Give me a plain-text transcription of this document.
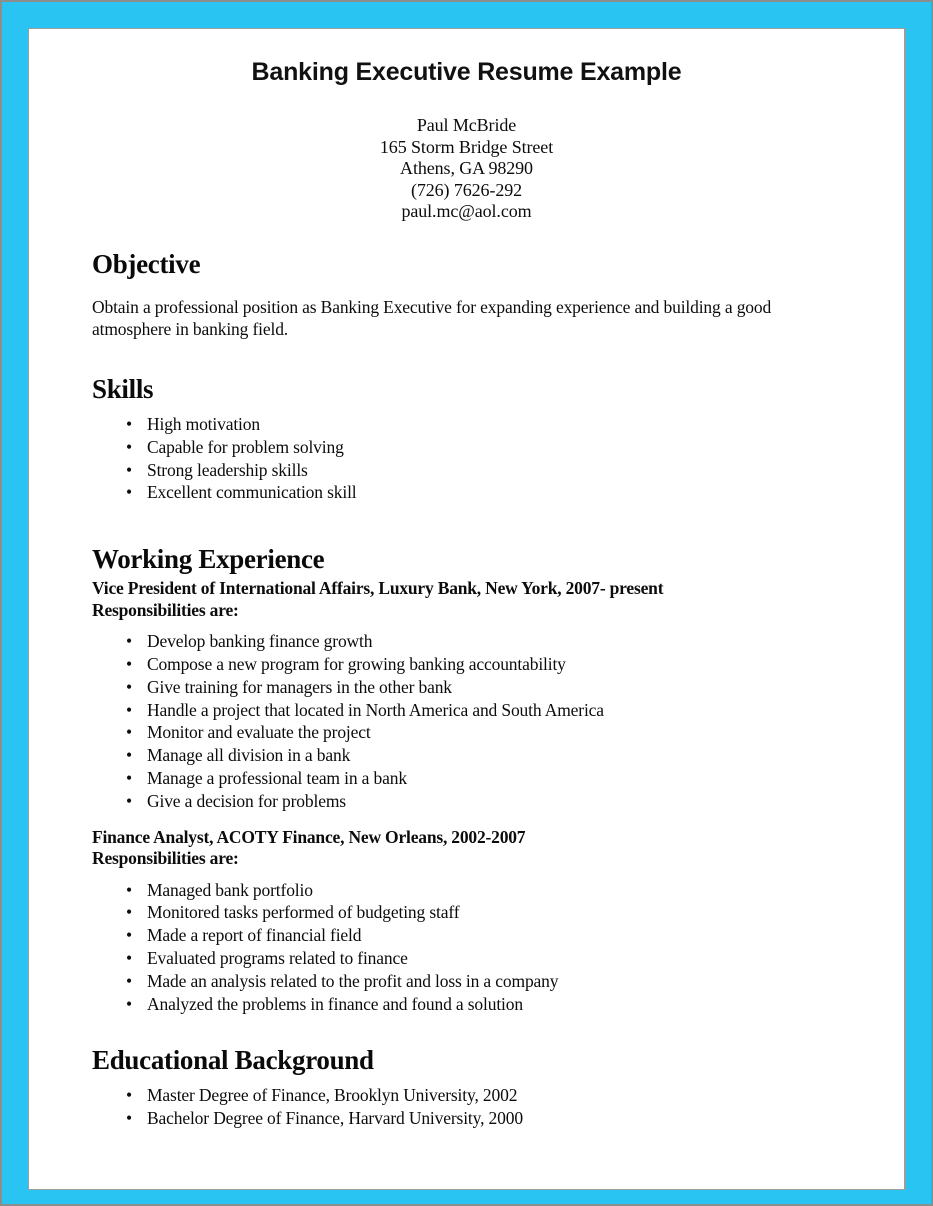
Banking Executive Resume Example
Paul McBride
165 Storm Bridge Street
Athens, GA 98290
(726) 7626-292
paul.mc@aol.com
Objective

Obtain a professional position as Banking Executive for expanding experience and building a good atmosphere in banking field.

Skills
• High motivation
• Capable for problem solving
• Strong leadership skills
• Excellent communication skill
Working Experience
Vice President of International Affairs, Luxury Bank, New York, 2007- present
Responsibilities are:
• Develop banking finance growth
• Compose a new program for growing banking accountability
• Give training for managers in the other bank
• Handle a project that located in North America and South America
• Monitor and evaluate the project
• Manage all division in a bank
• Manage a professional team in a bank
• Give a decision for problems
Finance Analyst, ACOTY Finance, New Orleans, 2002-2007
Responsibilities are:
• Managed bank portfolio
• Monitored tasks performed of budgeting staff
• Made a report of financial field
• Evaluated programs related to finance
• Made an analysis related to the profit and loss in a company
• Analyzed the problems in finance and found a solution
Educational Background
• Master Degree of Finance, Brooklyn University, 2002
• Bachelor Degree of Finance, Harvard University, 2000
